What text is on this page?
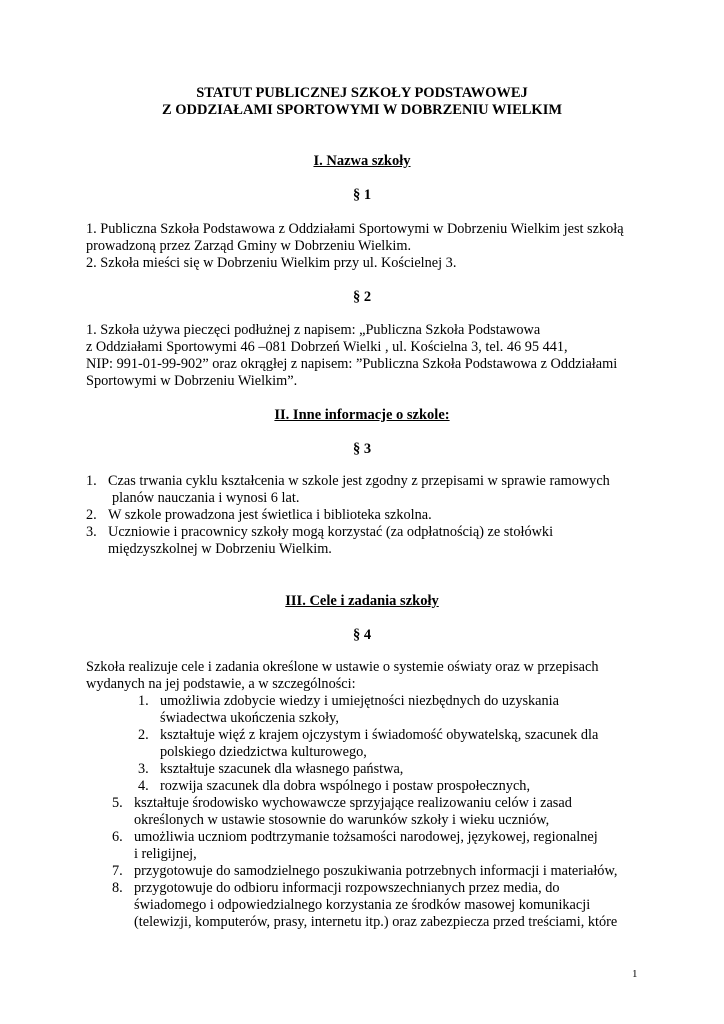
STATUT PUBLICZNEJ SZKOŁY PODSTAWOWEJ
Z ODDZIAŁAMI SPORTOWYMI W DOBRZENIU WIELKIM
I. Nazwa szkoły
§ 1
1. Publiczna Szkoła Podstawowa z Oddziałami Sportowymi w Dobrzeniu Wielkim jest szkołą
prowadzoną przez Zarząd Gminy w Dobrzeniu Wielkim.
2. Szkoła mieści się w Dobrzeniu Wielkim przy ul. Kościelnej 3.
§ 2
1. Szkoła używa pieczęci podłużnej z napisem: „Publiczna Szkoła Podstawowa
z Oddziałami Sportowymi 46 –081 Dobrzeń Wielki , ul. Kościelna 3, tel. 46 95 441,
NIP: 991-01-99-902” oraz okrągłej z napisem: ”Publiczna Szkoła Podstawowa z Oddziałami
Sportowymi w Dobrzeniu Wielkim”.
II. Inne informacje o szkole:
§ 3
1. Czas trwania cyklu kształcenia w szkole jest zgodny z przepisami w sprawie ramowych
planów nauczania i wynosi 6 lat.
2. W szkole prowadzona jest świetlica i biblioteka szkolna.
3. Uczniowie i pracownicy szkoły mogą korzystać (za odpłatnością) ze stołówki
międzyszkolnej w Dobrzeniu Wielkim.
III. Cele i zadania szkoły
§ 4
Szkoła realizuje cele i zadania określone w ustawie o systemie oświaty oraz w przepisach
wydanych na jej podstawie, a w szczególności:
1. umożliwia zdobycie wiedzy i umiejętności niezbędnych do uzyskania
świadectwa ukończenia szkoły,
2. kształtuje więź z krajem ojczystym i świadomość obywatelską, szacunek dla
polskiego dziedzictwa kulturowego,
3. kształtuje szacunek dla własnego państwa,
4. rozwija szacunek dla dobra wspólnego i postaw prospołecznych,
5. kształtuje środowisko wychowawcze sprzyjające realizowaniu celów i zasad
określonych w ustawie stosownie do warunków szkoły i wieku uczniów,
6. umożliwia uczniom podtrzymanie tożsamości narodowej, językowej, regionalnej
i religijnej,
7. przygotowuje do samodzielnego poszukiwania potrzebnych informacji i materiałów,
8. przygotowuje do odbioru informacji rozpowszechnianych przez media, do
świadomego i odpowiedzialnego korzystania ze środków masowej komunikacji
(telewizji, komputerów, prasy, internetu itp.) oraz zabezpiecza przed treściami, które
1
